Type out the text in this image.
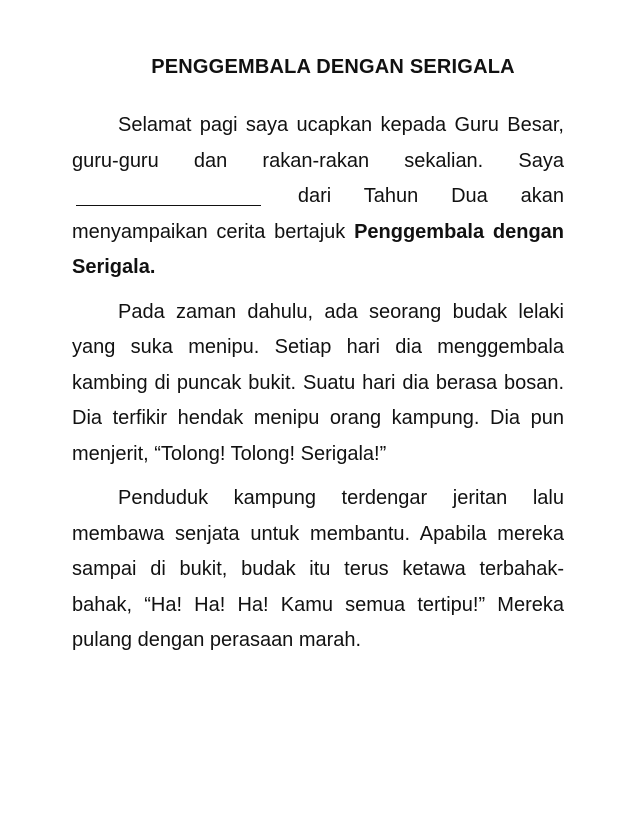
PENGGEMBALA DENGAN SERIGALA

Selamat pagi saya ucapkan kepada Guru Besar, guru-guru dan rakan-rakan sekalian. Saya  dari Tahun Dua akan menyampaikan cerita bertajuk Penggembala dengan Serigala.

Pada zaman dahulu, ada seorang budak lelaki yang suka menipu. Setiap hari dia menggembala kambing di puncak bukit. Suatu hari dia berasa bosan. Dia terfikir hendak menipu orang kampung. Dia pun menjerit, “Tolong! Tolong! Serigala!”

Penduduk kampung terdengar jeritan lalu membawa senjata untuk membantu. Apabila mereka sampai di bukit, budak itu terus ketawa terbahak-bahak, “Ha! Ha! Ha! Kamu semua tertipu!” Mereka pulang dengan perasaan marah.
